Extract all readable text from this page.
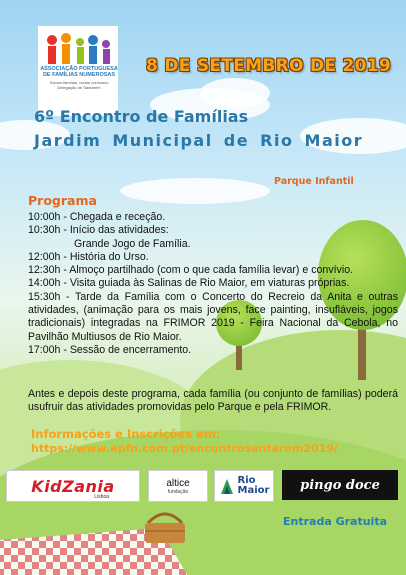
ASSOCIAÇÃO PORTUGUESA
DE FAMÍLIAS NUMEROSAS
Somos famílias, contar connosco
Delegação de Santarém
8 DE SETEMBRO DE 2019
6º Encontro de Famílias
Jardim Municipal de Rio Maior
Parque Infantil
Programa
10:00h - Chegada e receção.
10:30h - Início das atividades:
Grande Jogo de Família.
12:00h - História do Urso.
12:30h - Almoço partilhado (com o que cada família levar) e convívio.
14:00h - Visita guiada às Salinas de Rio Maior, em viaturas próprias.
15:30h - Tarde da Família com o Concerto do Recreio da Anita e outras atividades, (animação para os mais jovens, face painting, insufláveis, jogos tradicionais) integradas na FRIMOR 2019 - Feira Nacional da Cebola, no Pavilhão Multiusos de Rio Maior.
17:00h - Sessão de encerramento.
Antes e depois deste programa, cada família (ou conjunto de famílias) poderá usufruir das atividades promovidas pelo Parque e pela FRIMOR.
Informações e Inscrições em:
https://www.apfn.com.pt/encontrosantarem2019/
KidZania
Lisboa
altice
fundação
Rio
Maior pingo doce
Entrada Gratuita
